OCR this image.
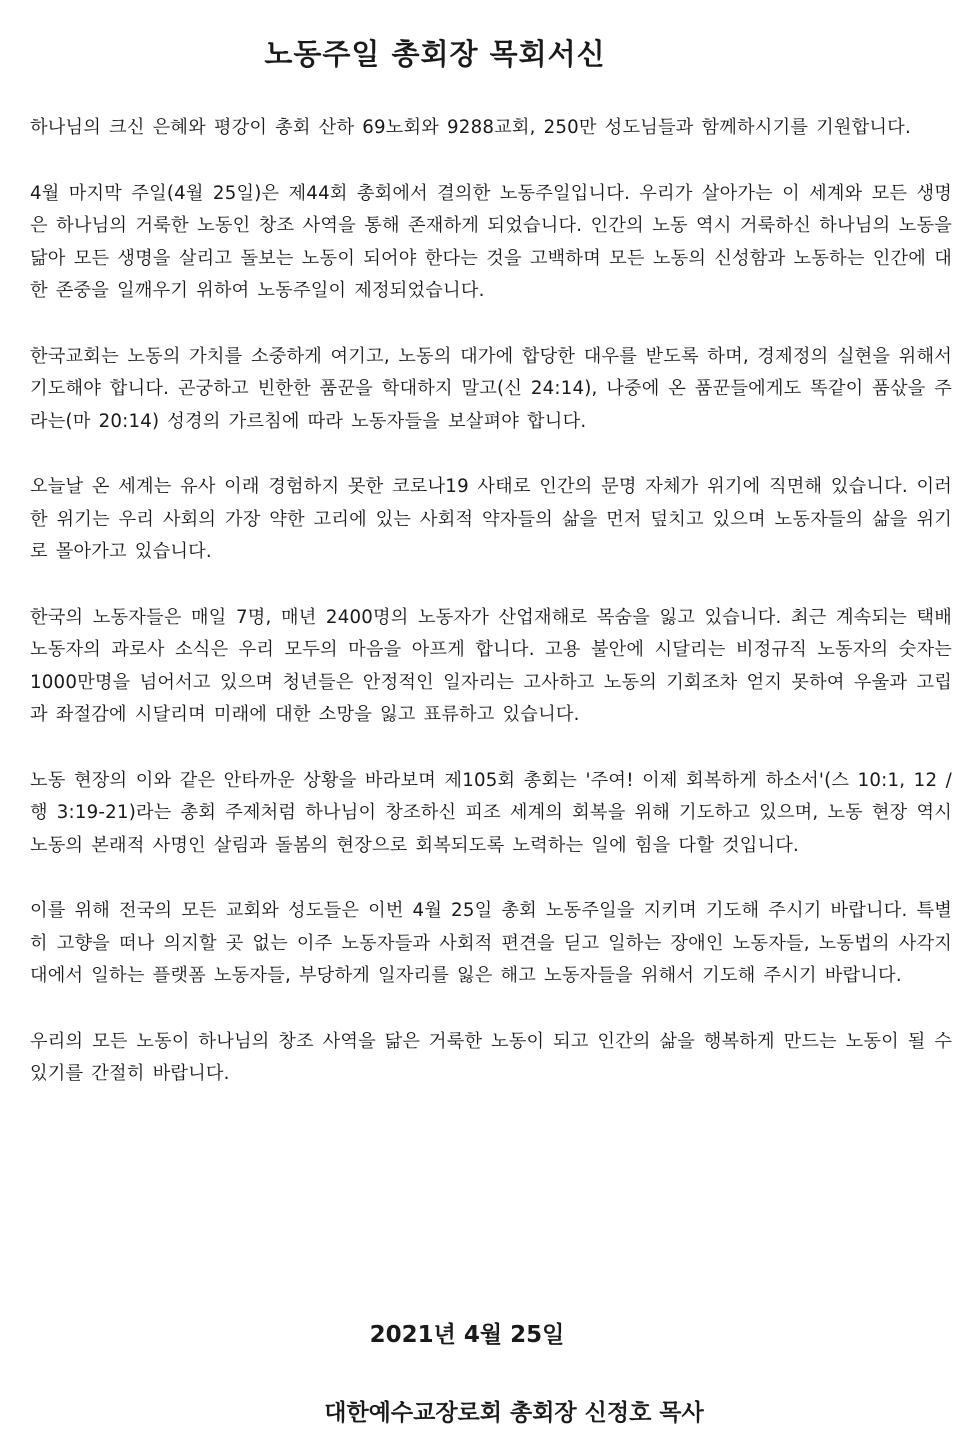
노동주일 총회장 목회서신

하나님의 크신 은혜와 평강이 총회 산하 69노회와 9288교회, 250만 성도님들과 함께하시기를 기원합니다.

4월 마지막 주일(4월 25일)은 제44회 총회에서 결의한 노동주일입니다. 우리가 살아가는 이 세계와 모든 생명은 하나님의 거룩한 노동인 창조 사역을 통해 존재하게 되었습니다. 인간의 노동 역시 거룩하신 하나님의 노동을 닮아 모든 생명을 살리고 돌보는 노동이 되어야 한다는 것을 고백하며 모든 노동의 신성함과 노동하는 인간에 대한 존중을 일깨우기 위하여 노동주일이 제정되었습니다.

한국교회는 노동의 가치를 소중하게 여기고, 노동의 대가에 합당한 대우를 받도록 하며, 경제정의 실현을 위해서 기도해야 합니다. 곤궁하고 빈한한 품꾼을 학대하지 말고(신 24:14), 나중에 온 품꾼들에게도 똑같이 품삯을 주라는(마 20:14) 성경의 가르침에 따라 노동자들을 보살펴야 합니다.

오늘날 온 세계는 유사 이래 경험하지 못한 코로나19 사태로 인간의 문명 자체가 위기에 직면해 있습니다. 이러한 위기는 우리 사회의 가장 약한 고리에 있는 사회적 약자들의 삶을 먼저 덮치고 있으며 노동자들의 삶을 위기로 몰아가고 있습니다.

한국의 노동자들은 매일 7명, 매년 2400명의 노동자가 산업재해로 목숨을 잃고 있습니다. 최근 계속되는 택배 노동자의 과로사 소식은 우리 모두의 마음을 아프게 합니다. 고용 불안에 시달리는 비정규직 노동자의 숫자는 1000만명을 넘어서고 있으며 청년들은 안정적인 일자리는 고사하고 노동의 기회조차 얻지 못하여 우울과 고립과 좌절감에 시달리며 미래에 대한 소망을 잃고 표류하고 있습니다.

노동 현장의 이와 같은 안타까운 상황을 바라보며 제105회 총회는 '주여! 이제 회복하게 하소서'(스 10:1, 12 / 행 3:19-21)라는 총회 주제처럼 하나님이 창조하신 피조 세계의 회복을 위해 기도하고 있으며, 노동 현장 역시 노동의 본래적 사명인 살림과 돌봄의 현장으로 회복되도록 노력하는 일에 힘을 다할 것입니다.

이를 위해 전국의 모든 교회와 성도들은 이번 4월 25일 총회 노동주일을 지키며 기도해 주시기 바랍니다. 특별히 고향을 떠나 의지할 곳 없는 이주 노동자들과 사회적 편견을 딛고 일하는 장애인 노동자들, 노동법의 사각지대에서 일하는 플랫폼 노동자들, 부당하게 일자리를 잃은 해고 노동자들을 위해서 기도해 주시기 바랍니다.

우리의 모든 노동이 하나님의 창조 사역을 닮은 거룩한 노동이 되고 인간의 삶을 행복하게 만드는 노동이 될 수 있기를 간절히 바랍니다.

2021년 4월 25일

대한예수교장로회 총회장 신정호 목사
